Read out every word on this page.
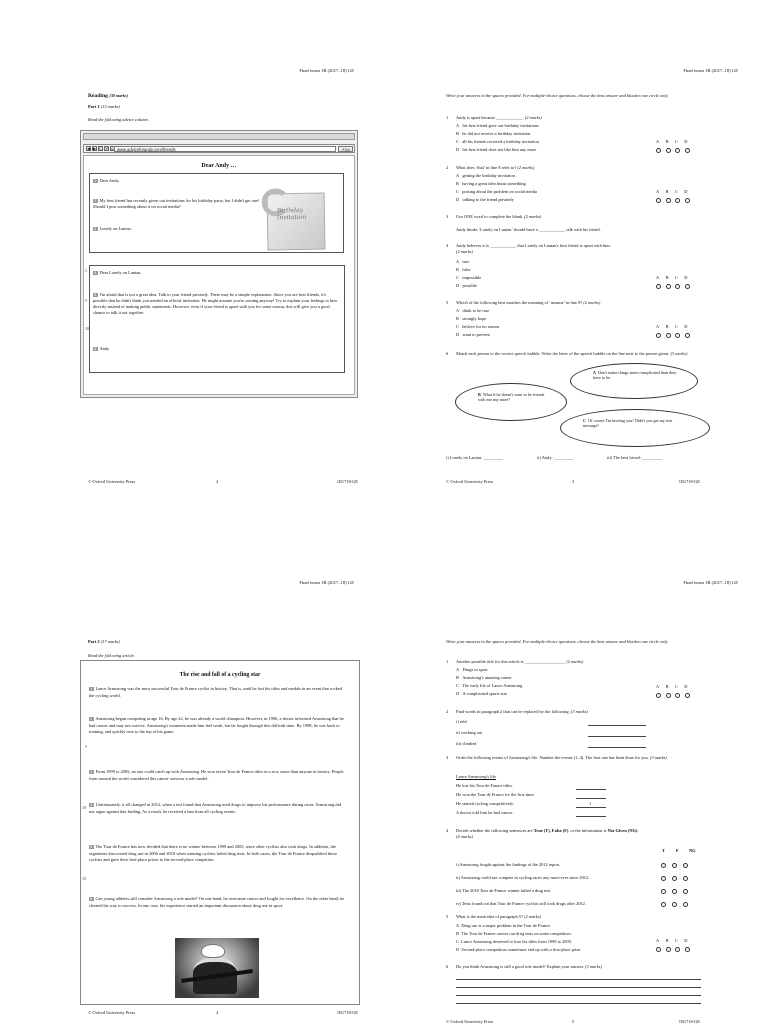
Final exam 1B (2017–18) GE
Reading (30 marks)
Part 1 (13 marks)
Read the following advice column.
◀ ▶ C ✕ ⌂ www.adviceforandy.com/friends	↗Go
Dear Andy …
1 Dear Andy,
2 My best friend has recently given out invitations for his birthday party, but I didn't get one! Should I post something about it on social media?
3 Lonely on Lantau
Birthday Invitation
4 Dear Lonely on Lantau,
5 I'm afraid that is not a great idea. Talk to your friend privately. There may be a simple explanation. Since you are best friends, it's possible that he didn't think you needed an official invitation. He might assume you're coming anyway! Try to explain your feelings to him directly instead of making public statements. However, even if your friend is upset with you for some reason, this will give you a good chance to talk it out together.
6 Andy
1
5
10
© Oxford University Press	2	1B1718-GE
Final exam 1B (2017–18) GE
Write your answers in the spaces provided. For multiple-choice questions, choose the best answer and blacken one circle only.
1 Andy is upset because ____________. (2 marks)
A his best friend gave out birthday invitations
B he did not receive a birthday invitation
C all his friends received a birthday invitation
D his best friend does not like him any more
ABCD
2 What does ‘that’ in line 8 refer to? (2 marks)
A getting the birthday invitation
B having a great idea about something
C posting about the problem on social media
D talking to the friend privately
ABCD
3 Use ONE word to complete the blank. (2 marks)
Andy thinks ‘Lonely on Lantau’ should have a ____________ talk with his friend.
4 Andy believes it is ____________ that Lonely on Lantau's best friend is upset with him.
(2 marks)
A true
B false
C impossible
D possible
ABCD
5 Which of the following best matches the meaning of ‘assume’ in line 8? (2 marks)
A think to be true
B strongly hope
C believe for no reason
D want to prevent
ABCD
6 Match each person to the correct speech bubble. Write the letter of the speech bubble on the line next to the person given. (3 marks)
A Don't make things more complicated than they have to be.
B What if he doesn't want to be friends with me any more?
C Of course I'm inviting you! Didn't you get my text message?
i) Lonely on Lantau: _________	ii) Andy: _________	iii) The best friend: _________
© Oxford University Press	3	1B1718-GE
Final exam 1B (2017–18) GE
Part 2 (17 marks)
Read the following article.
The rise and fall of a cycling star
1 Lance Armstrong was the most successful Tour de France cyclist in history. That is, until he lost his titles and medals in an event that rocked the cycling world.
2 Armstrong began competing at age 16. By age 22, he was already a world champion. However, in 1996, a doctor informed Armstrong that he had cancer and may not survive. Armstrong's treatment made him feel weak, but he fought through this difficult time. By 1998, he was back to training, and quickly rose to the top of his game.
3 From 1999 to 2005, no one could catch up with Armstrong. He won seven Tour de France titles in a row, more than anyone in history. People from around the world considered this cancer survivor a role model.
4 Unfortunately, it all changed in 2012, when a test found that Armstrong used drugs to improve his performance during races. Armstrong did not argue against this finding. As a result, he received a ban from all cycling events.
5 The Tour de France has now decided that there is no winner between 1999 and 2005, since other cyclists also took drugs. In addition, the organizers discovered drug use in 2006 and 2010 when winning cyclists failed drug tests. In both cases, the Tour de France disqualified those cyclists and gave their first-place prizes to the second-place competitor.
6 Can young athletes still consider Armstrong a role model? On one hand, he overcame cancer and fought for excellence. On the other hand, he cheated his way to success. In any case, his experience started an important discussion about drug use in sport.
5
10
15
© Oxford University Press	4	1B1718-GE
Final exam 1B (2017–18) GE
Write your answers in the spaces provided. For multiple-choice questions, choose the best answer and blacken one circle only.
1 Another possible title for this article is __________________. (2 marks)
A Drugs in sport
B Armstrong's amazing career
C The early life of Lance Armstrong
D A complicated sports star
ABCD
2 Find words in paragraph 2 that can be replaced by the following: (3 marks)
i) told
ii) working out
iii) climbed
3 Order the following events of Armstrong's life. Number the events (1–4). The first one has been done for you. (3 marks)
Lance Armstrong's life
He lost his Tour de France titles.
He won the Tour de France for the first time.
He started cycling competitively.	1
A doctor told him he had cancer.
4 Decide whether the following sentences are True (T), False (F), or the information is Not Given (NG):
(4 marks)
T	F NG
i) Armstrong fought against the findings of the 2012 report.
ii) Armstrong could not compete in cycling races any more ever since 2012.
iii) The 2010 Tour de France winner failed a drug test.
iv) Tests found out that Tour de France cyclists still took drugs after 2012.
5 What is the main idea of paragraph 5? (2 marks)
A Drug use is a major problem in the Tour de France.
B The Tour de France carries out drug tests on some competitors.
C Lance Armstrong deserved to lose his titles from 1999 to 2005.
D Second-place competitors sometimes end up with a first-place prize.
ABCD
6 Do you think Armstrong is still a good role model? Explain your answer. (3 marks)
© Oxford University Press	5	1B1718-GE
